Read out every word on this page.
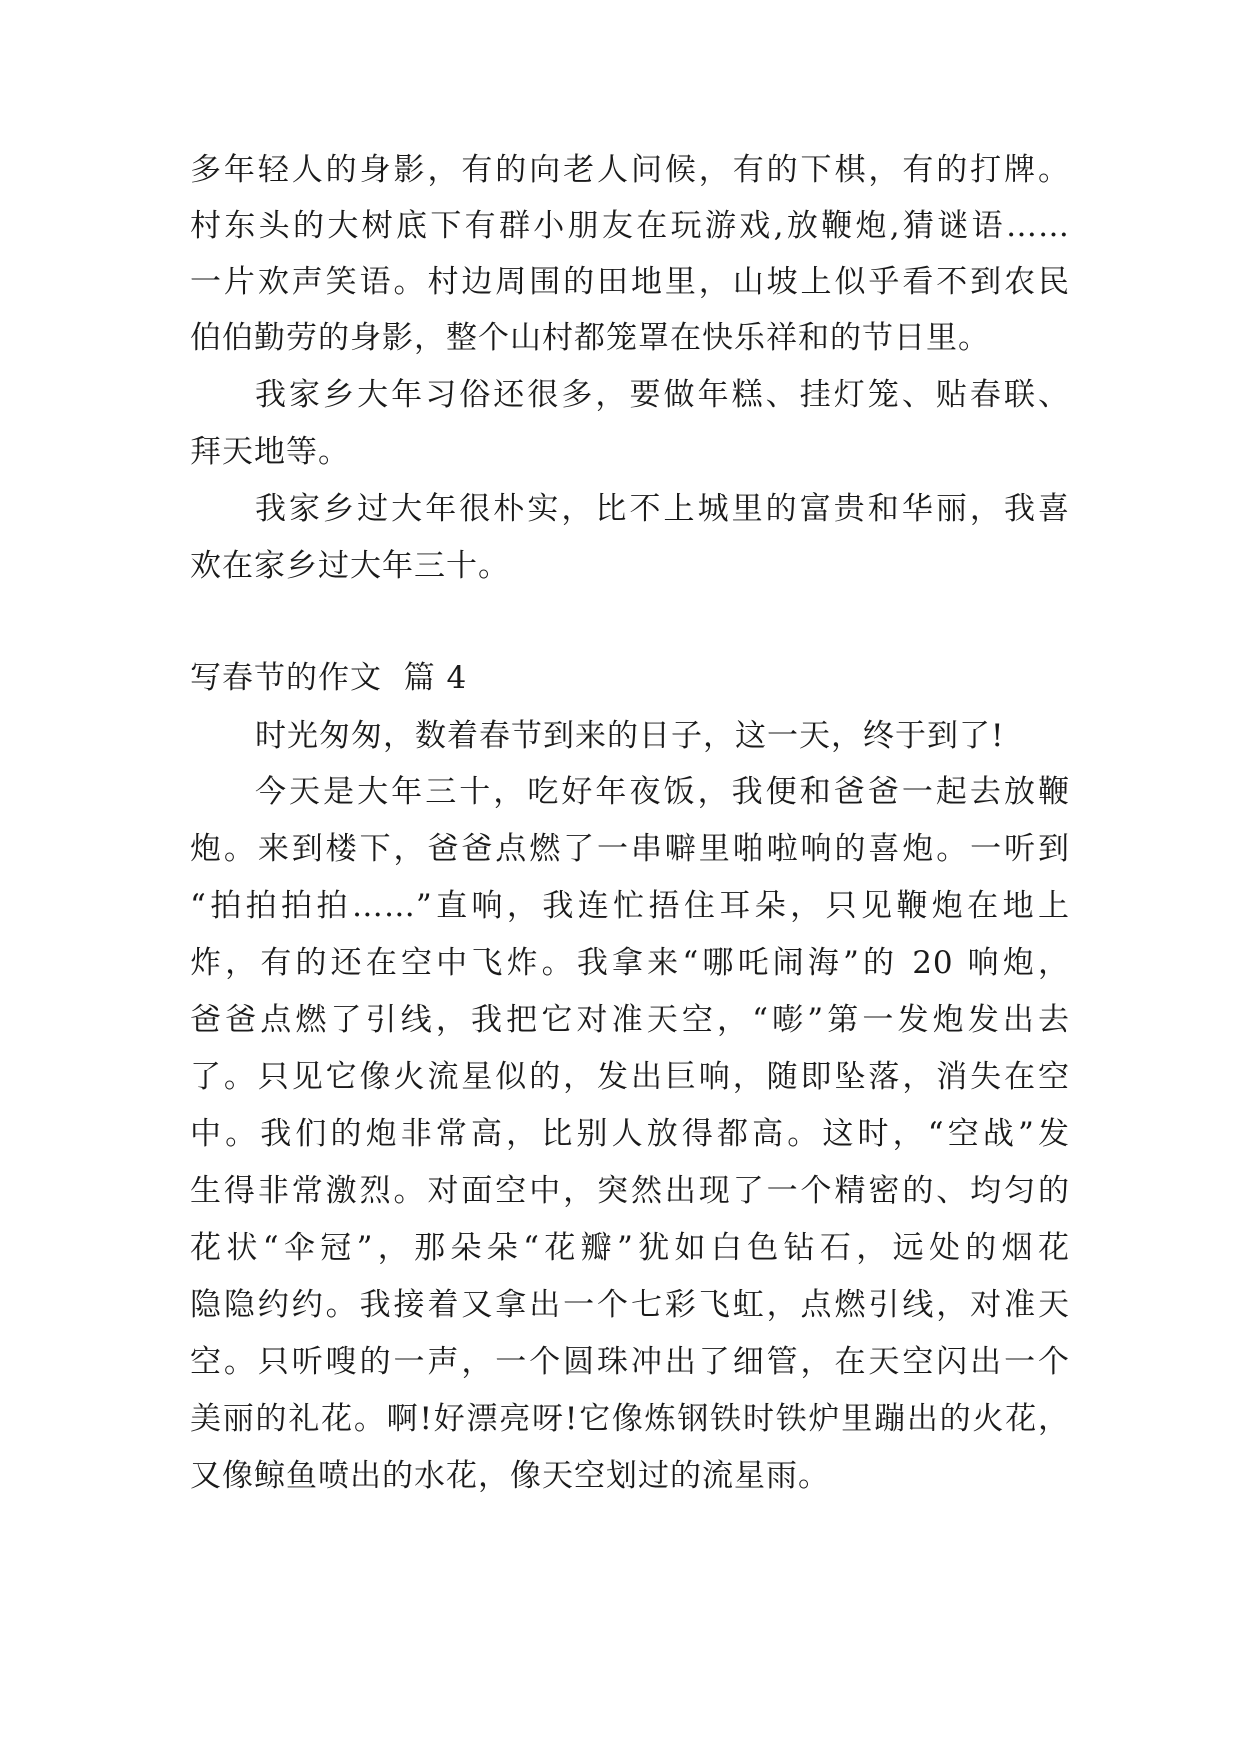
多年轻人的身影，有的向老人问候，有的下棋，有的打牌。
村东头的大树底下有群小朋友在玩游戏,放鞭炮,猜谜语……
一片欢声笑语。村边周围的田地里，山坡上似乎看不到农民
伯伯勤劳的身影，整个山村都笼罩在快乐祥和的节日里。
我家乡大年习俗还很多，要做年糕、挂灯笼、贴春联、
拜天地等。
我家乡过大年很朴实，比不上城里的富贵和华丽，我喜
欢在家乡过大年三十。
写春节的作文  篇 4
时光匆匆，数着春节到来的日子，这一天，终于到了!
今天是大年三十，吃好年夜饭，我便和爸爸一起去放鞭
炮。来到楼下，爸爸点燃了一串噼里啪啦响的喜炮。一听到
“拍拍拍拍……”直响，我连忙捂住耳朵，只见鞭炮在地上
炸，有的还在空中飞炸。我拿来“哪吒闹海”的 20 响炮，
爸爸点燃了引线，我把它对准天空，“嘭”第一发炮发出去
了。只见它像火流星似的，发出巨响，随即坠落，消失在空
中。我们的炮非常高，比别人放得都高。这时，“空战”发
生得非常激烈。对面空中，突然出现了一个精密的、均匀的
花状“伞冠”，那朵朵“花瓣”犹如白色钻石，远处的烟花
隐隐约约。我接着又拿出一个七彩飞虹，点燃引线，对准天
空。只听嗖的一声，一个圆珠冲出了细管，在天空闪出一个
美丽的礼花。啊!好漂亮呀!它像炼钢铁时铁炉里蹦出的火花，
又像鲸鱼喷出的水花，像天空划过的流星雨。
